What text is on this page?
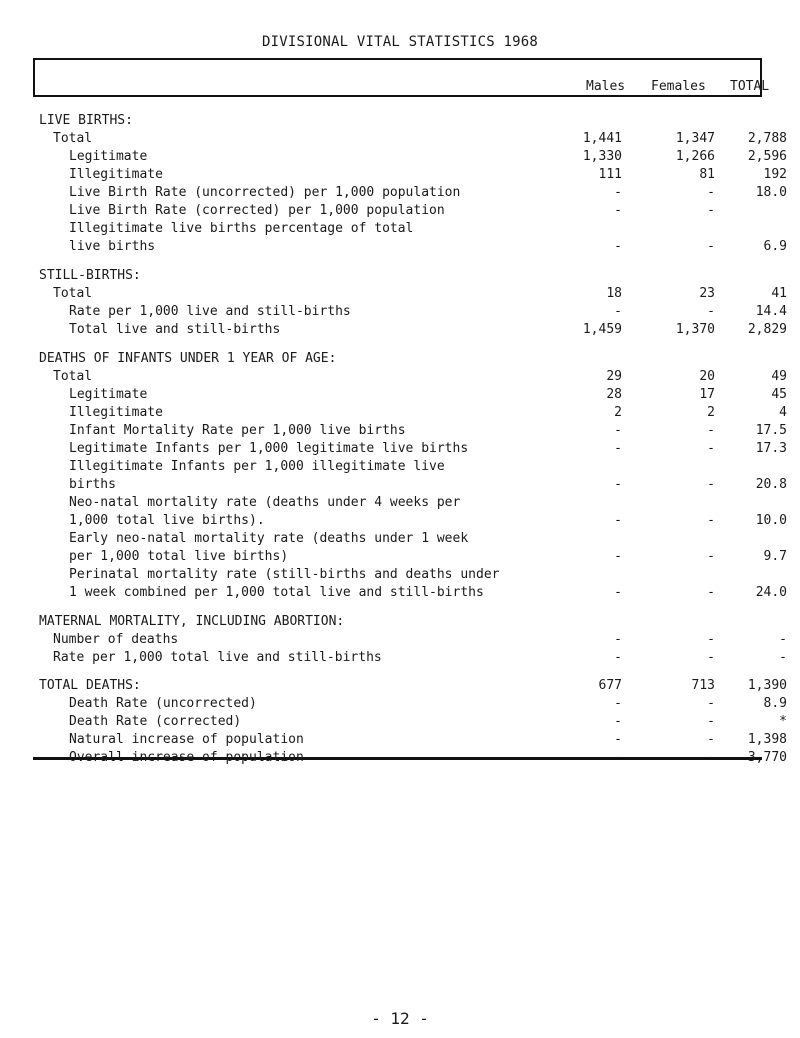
DIVISIONAL VITAL STATISTICS 1968
Males Females TOTAL
LIVE BIRTHS:
Total	1,441	1,347	2,788
Legitimate	1,330	1,266	2,596
Illegitimate	111	81	192
Live Birth Rate (uncorrected) per 1,000 population	-	-	18.0
Live Birth Rate (corrected) per 1,000 population	-	-
Illegitimate live births percentage of total
live births	-	-	6.9
STILL-BIRTHS:
Total	18	23	41
Rate per 1,000 live and still-births	-	-	14.4
Total live and still-births	1,459	1,370	2,829
DEATHS OF INFANTS UNDER 1 YEAR OF AGE:
Total	29	20	49
Legitimate	28	17	45
Illegitimate	2	2	4
Infant Mortality Rate per 1,000 live births	-	-	17.5
Legitimate Infants per 1,000 legitimate live births	-	-	17.3
Illegitimate Infants per 1,000 illegitimate live
births	-	-	20.8
Neo-natal mortality rate (deaths under 4 weeks per
1,000 total live births).	-	-	10.0
Early neo-natal mortality rate (deaths under 1 week
per 1,000 total live births)	-	-	9.7
Perinatal mortality rate (still-births and deaths under
1 week combined per 1,000 total live and still-births	-	-	24.0
MATERNAL MORTALITY, INCLUDING ABORTION:
Number of deaths	-	-	-
Rate per 1,000 total live and still-births	-	-	-
TOTAL DEATHS:	677	713	1,390
Death Rate (uncorrected)	-	-	8.9
Death Rate (corrected)	-	-	*
Natural increase of population	-	-	1,398
Overall increase of population	-	-	3,770
- 12 -
